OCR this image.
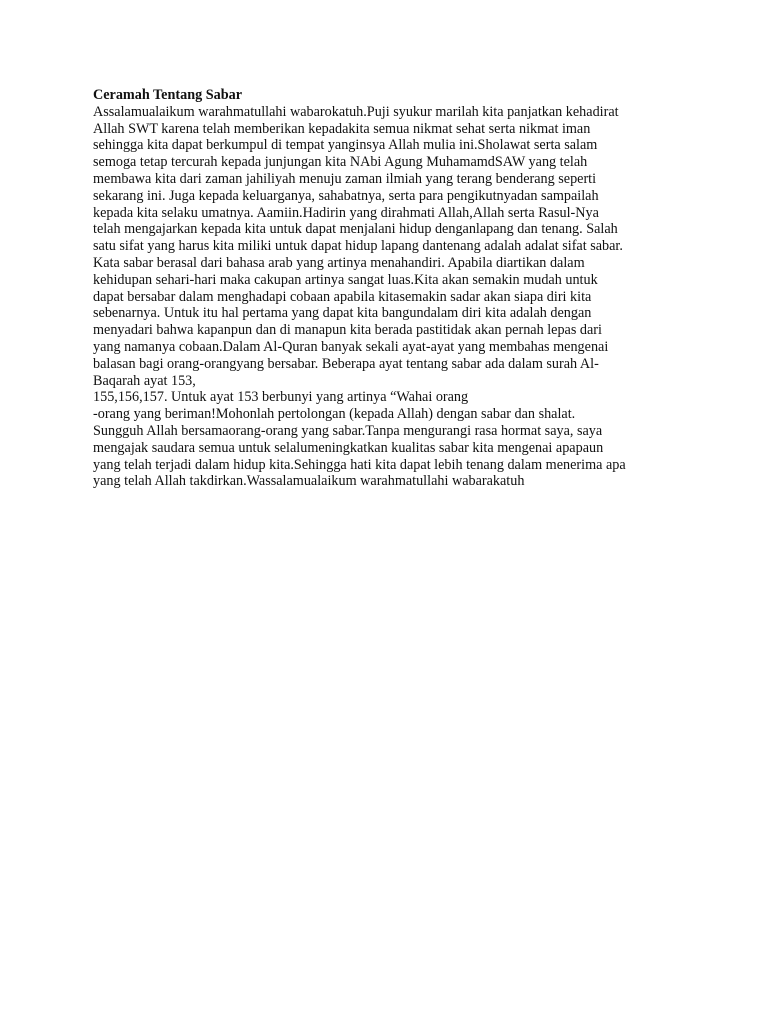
Ceramah Tentang Sabar
Assalamualaikum warahmatullahi wabarokatuh.Puji syukur marilah kita panjatkan kehadirat
Allah SWT karena telah memberikan kepadakita semua nikmat sehat serta nikmat iman
sehingga kita dapat berkumpul di tempat yanginsya Allah mulia ini.Sholawat serta salam
semoga tetap tercurah kepada junjungan kita NAbi Agung MuhamamdSAW yang telah
membawa kita dari zaman jahiliyah menuju zaman ilmiah yang terang benderang seperti
sekarang ini. Juga kepada keluarganya, sahabatnya, serta para pengikutnyadan sampailah
kepada kita selaku umatnya. Aamiin.Hadirin yang dirahmati Allah,Allah serta Rasul-Nya
telah mengajarkan kepada kita untuk dapat menjalani hidup denganlapang dan tenang. Salah
satu sifat yang harus kita miliki untuk dapat hidup lapang dantenang adalah adalat sifat sabar.
Kata sabar berasal dari bahasa arab yang artinya menahandiri. Apabila diartikan dalam
kehidupan sehari-hari maka cakupan artinya sangat luas.Kita akan semakin mudah untuk
dapat bersabar dalam menghadapi cobaan apabila kitasemakin sadar akan siapa diri kita
sebenarnya. Untuk itu hal pertama yang dapat kita bangundalam diri kita adalah dengan
menyadari bahwa kapanpun dan di manapun kita berada pastitidak akan pernah lepas dari
yang namanya cobaan.Dalam Al-Quran banyak sekali ayat-ayat yang membahas mengenai
balasan bagi orang-orangyang bersabar. Beberapa ayat tentang sabar ada dalam surah Al-
Baqarah ayat 153,
155,156,157. Untuk ayat 153 berbunyi yang artinya “Wahai orang
-orang yang beriman!Mohonlah pertolongan (kepada Allah) dengan sabar dan shalat.
Sungguh Allah bersamaorang-orang yang sabar.Tanpa mengurangi rasa hormat saya, saya
mengajak saudara semua untuk selalumeningkatkan kualitas sabar kita mengenai apapaun
yang telah terjadi dalam hidup kita.Sehingga hati kita dapat lebih tenang dalam menerima apa
yang telah Allah takdirkan.Wassalamualaikum warahmatullahi wabarakatuh
